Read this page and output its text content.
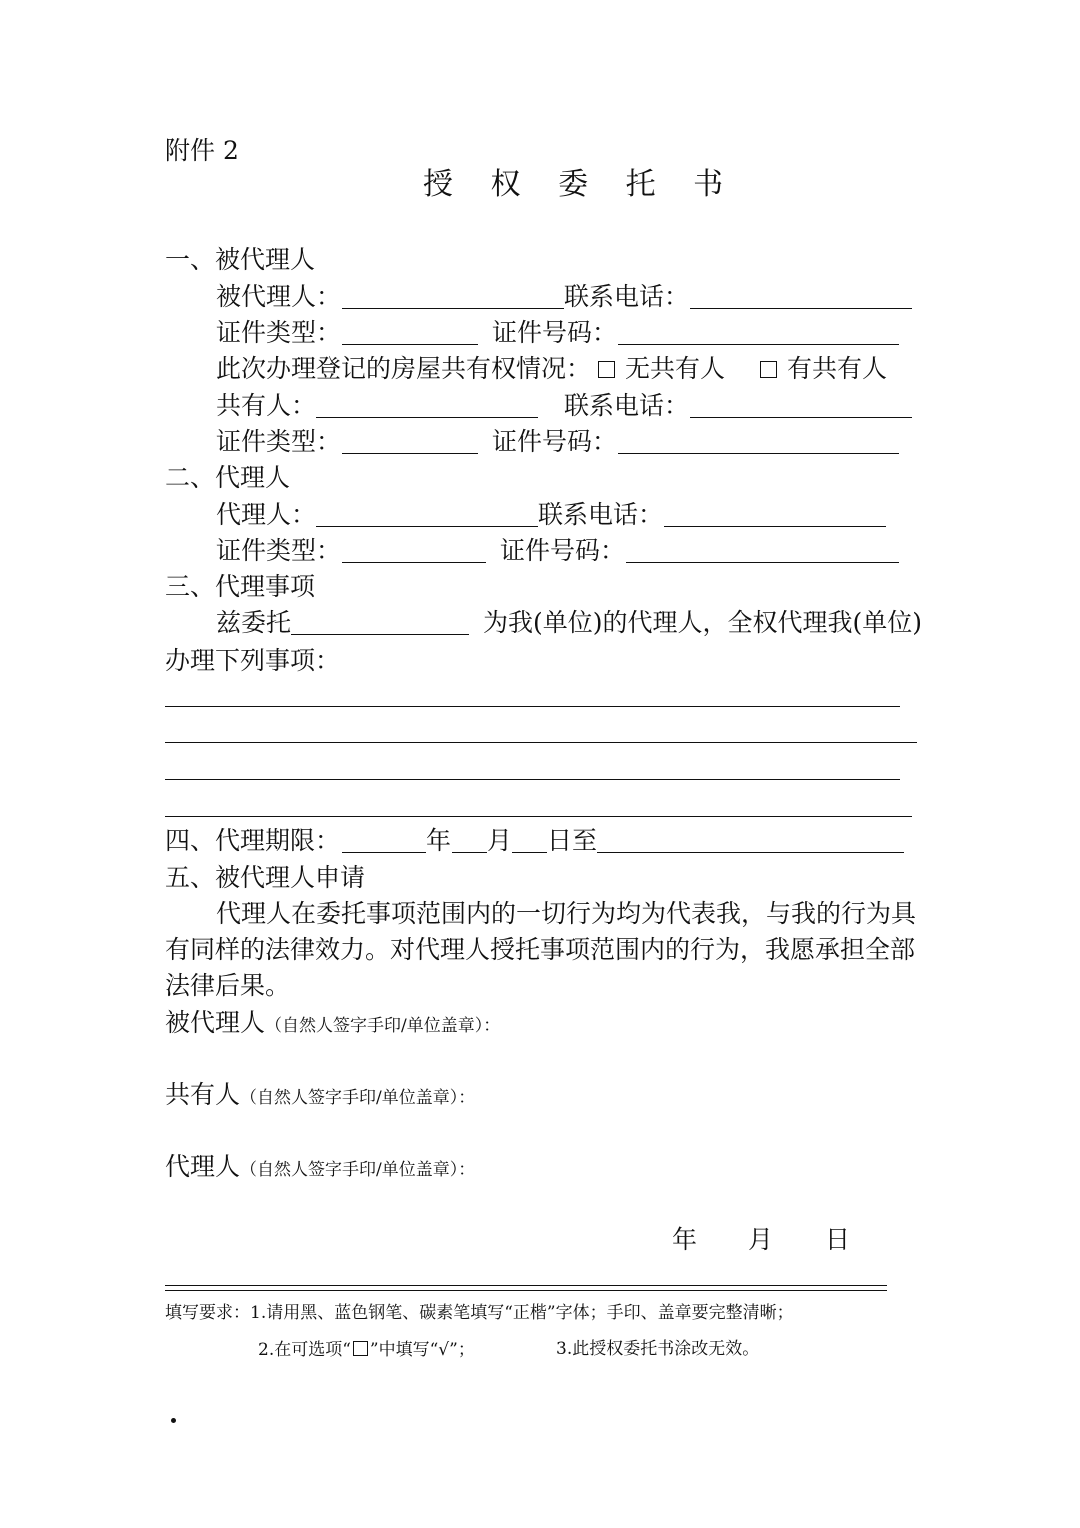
附件 2
授 权 委 托 书
一、被代理人
被代理人：	联系电话：
证件类型：	证件号码：
此次办理登记的房屋共有权情况：	无共有人	有共有人
共有人：	联系电话：
证件类型：	证件号码：
二、代理人
代理人：	联系电话：
证件类型：	证件号码：
三、代理事项
兹委托	为我(单位)的代理人，全权代理我(单位)
办理下列事项：
四、代理期限：	年 月 日至
五、被代理人申请
代理人在委托事项范围内的一切行为均为代表我，与我的行为具
有同样的法律效力。对代理人授托事项范围内的行为，我愿承担全部
法律后果。
被代理人（自然人签字手印/单位盖章）：
共有人（自然人签字手印/单位盖章）：
代理人（自然人签字手印/单位盖章）：
年 月 日
填写要求：1.请用黑、蓝色钢笔、碳素笔填写“正楷”字体；手印、盖章要完整清晰；
2.在可选项“ ”中填写“√”；	3.此授权委托书涂改无效。
